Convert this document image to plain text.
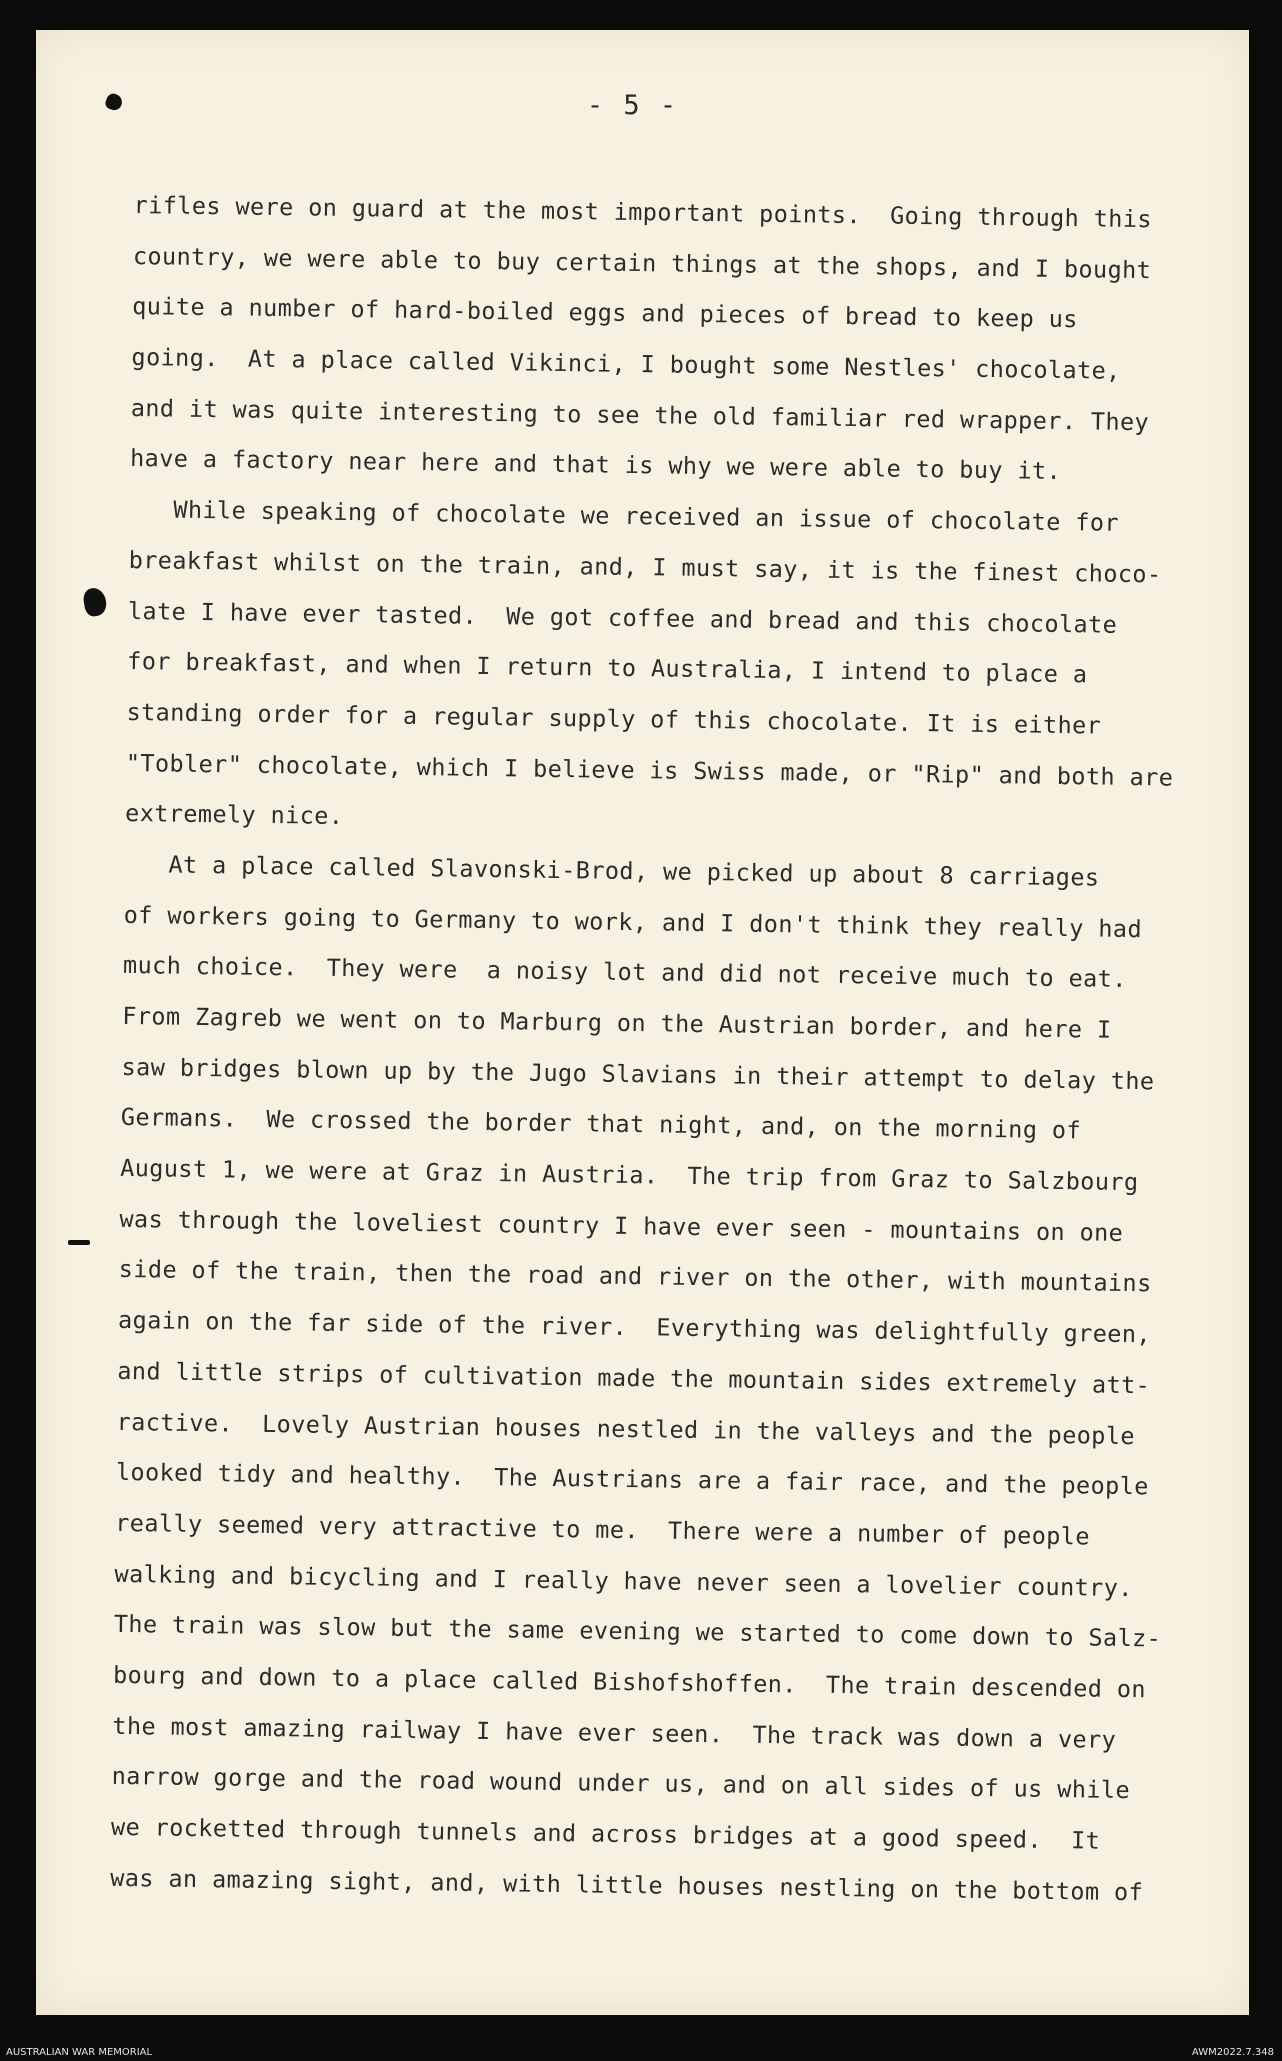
- 5 -
rifles were on guard at the most important points.  Going through this
country, we were able to buy certain things at the shops, and I bought
quite a number of hard-boiled eggs and pieces of bread to keep us
going.  At a place called Vikinci, I bought some Nestles' chocolate,
and it was quite interesting to see the old familiar red wrapper. They
have a factory near here and that is why we were able to buy it.
While speaking of chocolate we received an issue of chocolate for
breakfast whilst on the train, and, I must say, it is the finest choco-
late I have ever tasted.  We got coffee and bread and this chocolate
for breakfast, and when I return to Australia, I intend to place a
standing order for a regular supply of this chocolate. It is either
"Tobler" chocolate, which I believe is Swiss made, or "Rip" and both are
extremely nice.
At a place called Slavonski-Brod, we picked up about 8 carriages
of workers going to Germany to work, and I don't think they really had
much choice.  They were  a noisy lot and did not receive much to eat.
From Zagreb we went on to Marburg on the Austrian border, and here I
saw bridges blown up by the Jugo Slavians in their attempt to delay the
Germans.  We crossed the border that night, and, on the morning of
August 1, we were at Graz in Austria.  The trip from Graz to Salzbourg
was through the loveliest country I have ever seen - mountains on one
side of the train, then the road and river on the other, with mountains
again on the far side of the river.  Everything was delightfully green,
and little strips of cultivation made the mountain sides extremely att-
ractive.  Lovely Austrian houses nestled in the valleys and the people
looked tidy and healthy.  The Austrians are a fair race, and the people
really seemed very attractive to me.  There were a number of people
walking and bicycling and I really have never seen a lovelier country.
The train was slow but the same evening we started to come down to Salz-
bourg and down to a place called Bishofshoffen.  The train descended on
the most amazing railway I have ever seen.  The track was down a very
narrow gorge and the road wound under us, and on all sides of us while
we rocketted through tunnels and across bridges at a good speed.  It
was an amazing sight, and, with little houses nestling on the bottom of
AUSTRALIAN WAR MEMORIAL	AWM2022.7.348
